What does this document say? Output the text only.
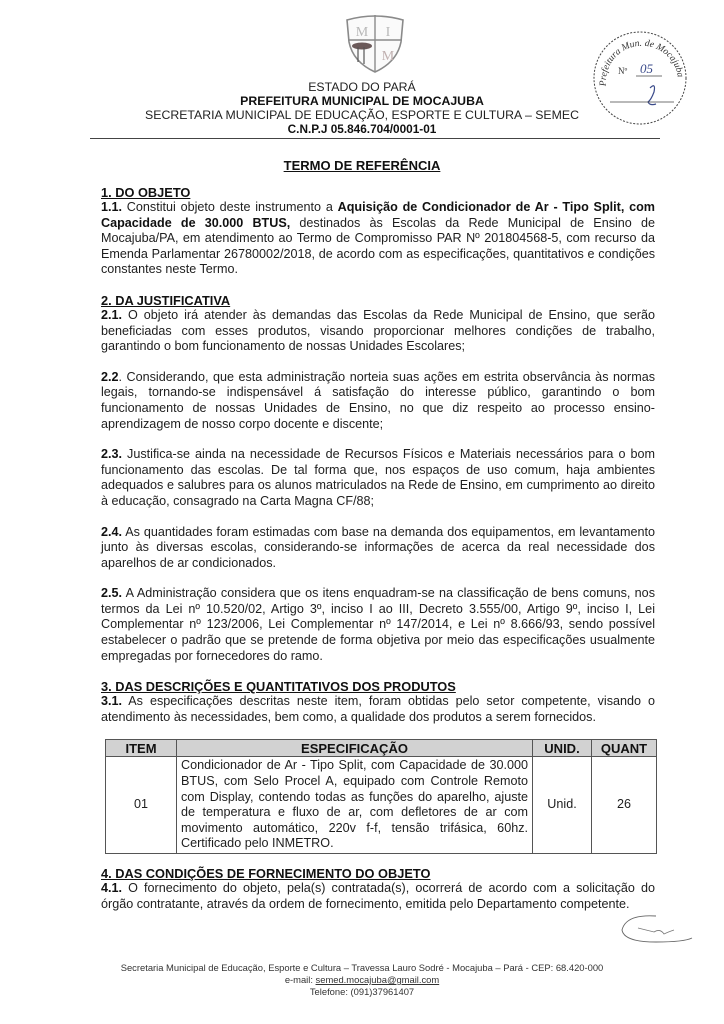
M I
M
Prefeitura Mun. de Mocajuba
Nº 05
ESTADO DO PARÁ
PREFEITURA MUNICIPAL DE MOCAJUBA
SECRETARIA MUNICIPAL DE EDUCAÇÃO, ESPORTE E CULTURA – SEMEC
C.N.P.J 05.846.704/0001-01
TERMO DE REFERÊNCIA
1. DO OBJETO

1.1. Constitui objeto deste instrumento a Aquisição de Condicionador de Ar - Tipo Split, com Capacidade de 30.000 BTUS, destinados às Escolas da Rede Municipal de Ensino de Mocajuba/PA, em atendimento ao Termo de Compromisso PAR Nº 201804568-5, com recurso da Emenda Parlamentar 26780002/2018, de acordo com as especificações, quantitativos e condições constantes neste Termo.

2. DA JUSTIFICATIVA

2.1. O objeto irá atender às demandas das Escolas da Rede Municipal de Ensino, que serão beneficiadas com esses produtos, visando proporcionar melhores condições de trabalho, garantindo o bom funcionamento de nossas Unidades Escolares;

2.2. Considerando, que esta administração norteia suas ações em estrita observância às normas legais, tornando-se indispensável á satisfação do interesse público, garantindo o bom funcionamento de nossas Unidades de Ensino, no que diz respeito ao processo ensino-aprendizagem de nosso corpo docente e discente;

2.3. Justifica-se ainda na necessidade de Recursos Físicos e Materiais necessários para o bom funcionamento das escolas. De tal forma que, nos espaços de uso comum, haja ambientes adequados e salubres para os alunos matriculados na Rede de Ensino, em cumprimento ao direito à educação, consagrado na Carta Magna CF/88;

2.4. As quantidades foram estimadas com base na demanda dos equipamentos, em levantamento junto às diversas escolas, considerando-se informações de acerca da real necessidade dos aparelhos de ar condicionados.

2.5. A Administração considera que os itens enquadram-se na classificação de bens comuns, nos termos da Lei nº 10.520/02, Artigo 3º, inciso I ao III, Decreto 3.555/00, Artigo 9º, inciso I, Lei Complementar nº 123/2006, Lei Complementar nº 147/2014, e Lei nº 8.666/93, sendo possível estabelecer o padrão que se pretende de forma objetiva por meio das especificações usualmente empregadas por fornecedores do ramo.

3. DAS DESCRIÇÕES E QUANTITATIVOS DOS PRODUTOS

3.1. As especificações descritas neste item, foram obtidas pelo setor competente, visando o atendimento às necessidades, bem como, a qualidade dos produtos a serem fornecidos.

ITEM	ESPECIFICAÇÃO	UNID.	QUANT
01	Condicionador de Ar - Tipo Split, com Capacidade de 30.000 BTUS, com Selo Procel A, equipado com Controle Remoto com Display, contendo todas as funções do aparelho, ajuste de temperatura e fluxo de ar, com defletores de ar com movimento automático, 220v f-f, tensão trifásica, 60hz. Certificado pelo INMETRO.	Unid.	26
4. DAS CONDIÇÕES DE FORNECIMENTO DO OBJETO

4.1. O fornecimento do objeto, pela(s) contratada(s), ocorrerá de acordo com a solicitação do órgão contratante, através da ordem de fornecimento, emitida pelo Departamento competente.

Secretaria Municipal de Educação, Esporte e Cultura – Travessa Lauro Sodré - Mocajuba – Pará - CEP: 68.420-000
e-mail: semed.mocajuba@gmail.com
Telefone: (091)37961407
